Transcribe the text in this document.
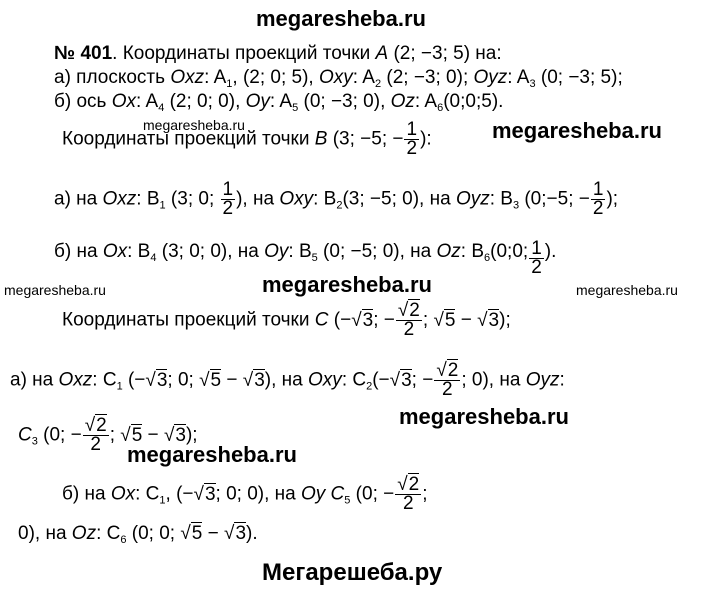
megaresheba.ru
megaresheba.ru	megaresheba.ru
megaresheba.ru	megaresheba.ru	megaresheba.ru
megaresheba.ru
megaresheba.ru
Мегарешеба.ру
№ 401. Координаты проекций точки A (2; −3; 5) на:
а) плоскость Oxz: $A_1$, (2; 0; 5), Oxy: $A_2$ (2; −3; 0); Oyz: $A_3$ (0; −3; 5);
б) ось Ox: $A_4$ (2; 0; 0), Oy: $A_5$ (0; −3; 0), Oz: $A_6(0;0;5)$.
Координаты проекций точки B (3; −5; − $\frac{1}{2}$ ):
а) на Oxz: $B_1$ (3; 0; $\frac{1}{2}$ ), на Oxy: $B_2(3$; −5; 0), на Oyz: $B_3$ (0;−5; − $\frac{1}{2}$ );
б) на Ox: $B_4$ (3; 0; 0), на Oy: $B_5$ (0; −5; 0), на Oz: $B_6(0;0$; $\frac{1}{2}$ ).
Координаты проекций точки C (−√3; − $\frac{√2}{2}$ ; √5 − √3);
а) на Oxz: $C_1$ (−√3; 0; √5 − √3), на Oxy: $C_2(-√3$; − $\frac{√2}{2}$ ; 0), на Oyz:
$C_3$ (0; − $\frac{√2}{2}$ ; √5 − √3);
б) на Ox: $C_1$, (−√3; 0; 0), на Oy $C_5$ (0; − $\frac{√2}{2}$ ;
0), на Oz: $C_6$ (0; 0; √5 − √3).
